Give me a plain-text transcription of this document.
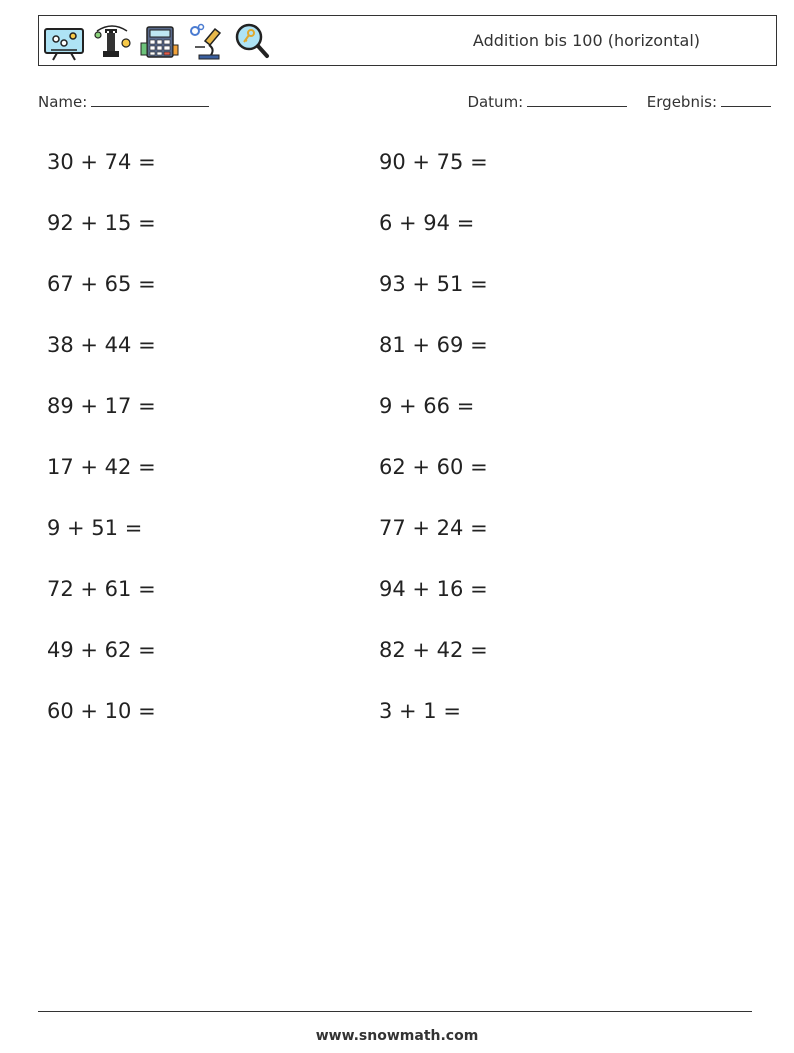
Addition bis 100 (horizontal)
Name:	Datum:	Ergebnis:
30 + 74 =
92 + 15 =
67 + 65 =
38 + 44 =
89 + 17 =
17 + 42 =
9 + 51 =
72 + 61 =
49 + 62 =
60 + 10 =
90 + 75 =
6 + 94 =
93 + 51 =
81 + 69 =
9 + 66 =
62 + 60 =
77 + 24 =
94 + 16 =
82 + 42 =
3 + 1 =
www.snowmath.com
